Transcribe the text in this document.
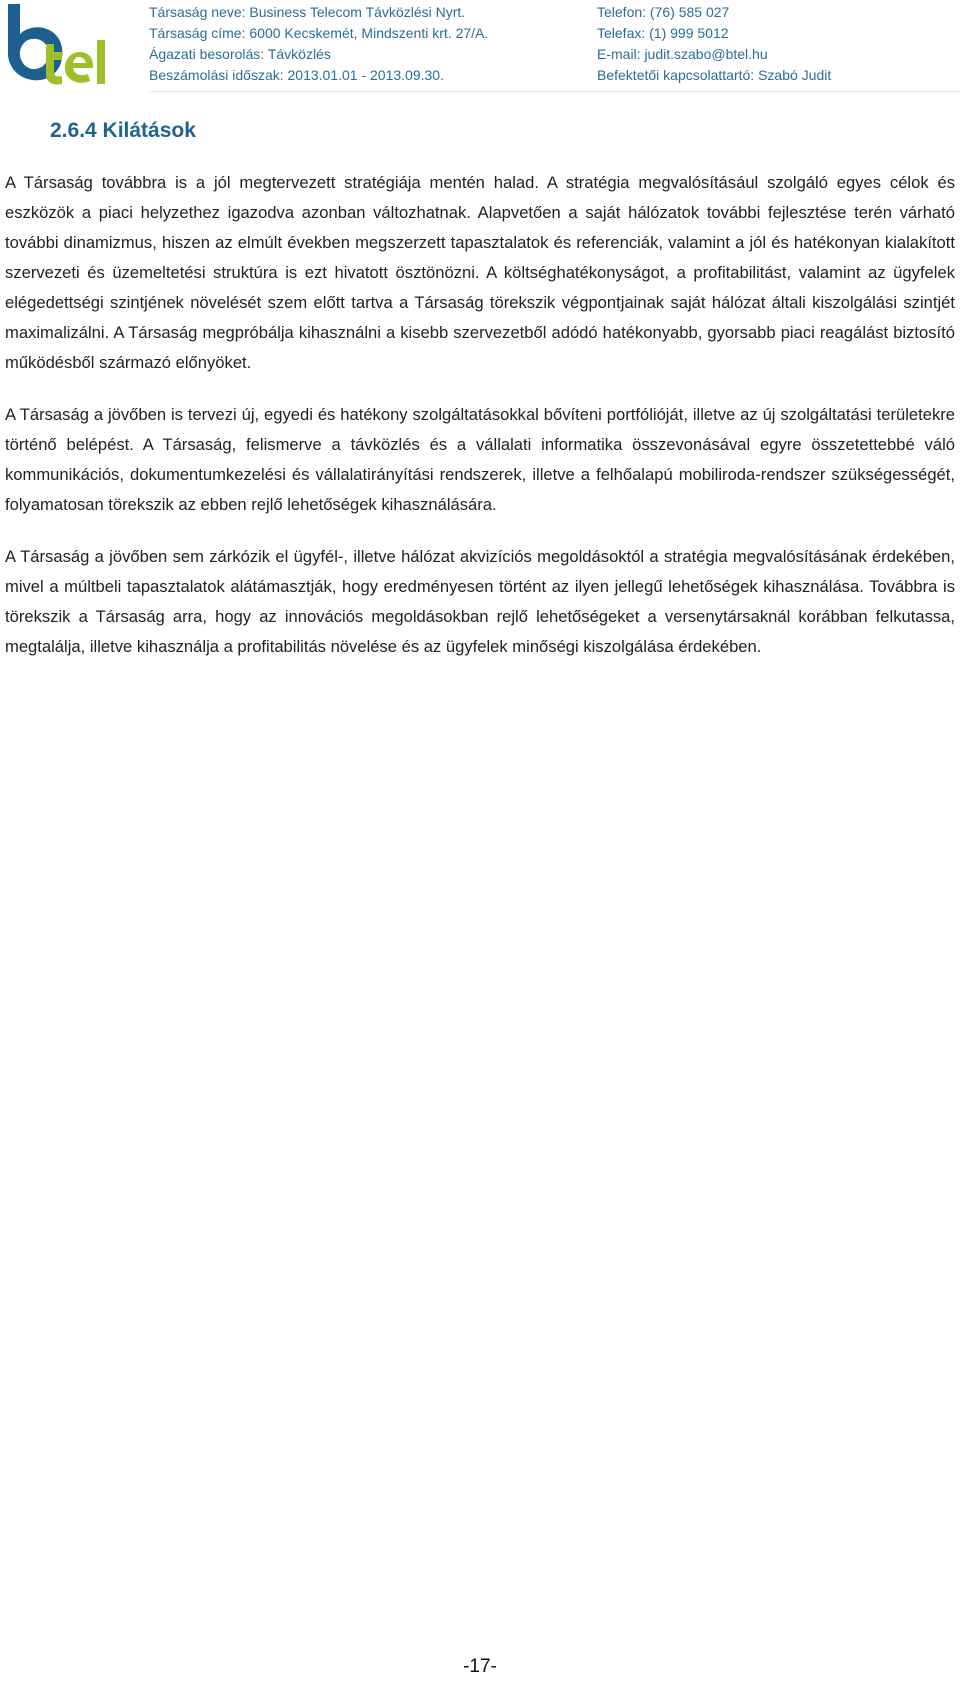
Társaság neve: Business Telecom Távközlési Nyrt.
Társaság címe: 6000 Kecskemét, Mindszenti krt. 27/A.
Ágazati besorolás: Távközlés
Beszámolási időszak: 2013.01.01 - 2013.09.30.
Telefon: (76) 585 027
Telefax: (1) 999 5012
E-mail: judit.szabo@btel.hu
Befektetői kapcsolattartó: Szabó Judit
2.6.4 Kilátások

A Társaság továbbra is a jól megtervezett stratégiája mentén halad. A stratégia megvalósításául szolgáló egyes célok és eszközök a piaci helyzethez igazodva azonban változhatnak. Alapvetően a saját hálózatok további fejlesztése terén várható további dinamizmus, hiszen az elmúlt években megszerzett tapasztalatok és referenciák, valamint a jól és hatékonyan kialakított szervezeti és üzemeltetési struktúra is ezt hivatott ösztönözni. A költséghatékonyságot, a profitabilitást, valamint az ügyfelek elégedettségi szintjének növelését szem előtt tartva a Társaság törekszik végpontjainak saját hálózat általi kiszolgálási szintjét maximalizálni. A Társaság megpróbálja kihasználni a kisebb szervezetből adódó hatékonyabb, gyorsabb piaci reagálást biztosító működésből származó előnyöket.

A Társaság a jövőben is tervezi új, egyedi és hatékony szolgáltatásokkal bővíteni portfólióját, illetve az új szolgáltatási területekre történő belépést. A Társaság, felismerve a távközlés és a vállalati informatika összevonásával egyre összetettebbé váló kommunikációs, dokumentumkezelési és vállalatirányítási rendszerek, illetve a felhőalapú mobiliroda-rendszer szükségességét, folyamatosan törekszik az ebben rejlő lehetőségek kihasználására.

A Társaság a jövőben sem zárkózik el ügyfél-, illetve hálózat akvizíciós megoldásoktól a stratégia megvalósításának érdekében, mivel a múltbeli tapasztalatok alátámasztják, hogy eredményesen történt az ilyen jellegű lehetőségek kihasználása. Továbbra is törekszik a Társaság arra, hogy az innovációs megoldásokban rejlő lehetőségeket a versenytársaknál korábban felkutassa, megtalálja, illetve kihasználja a profitabilitás növelése és az ügyfelek minőségi kiszolgálása érdekében.

-17-
